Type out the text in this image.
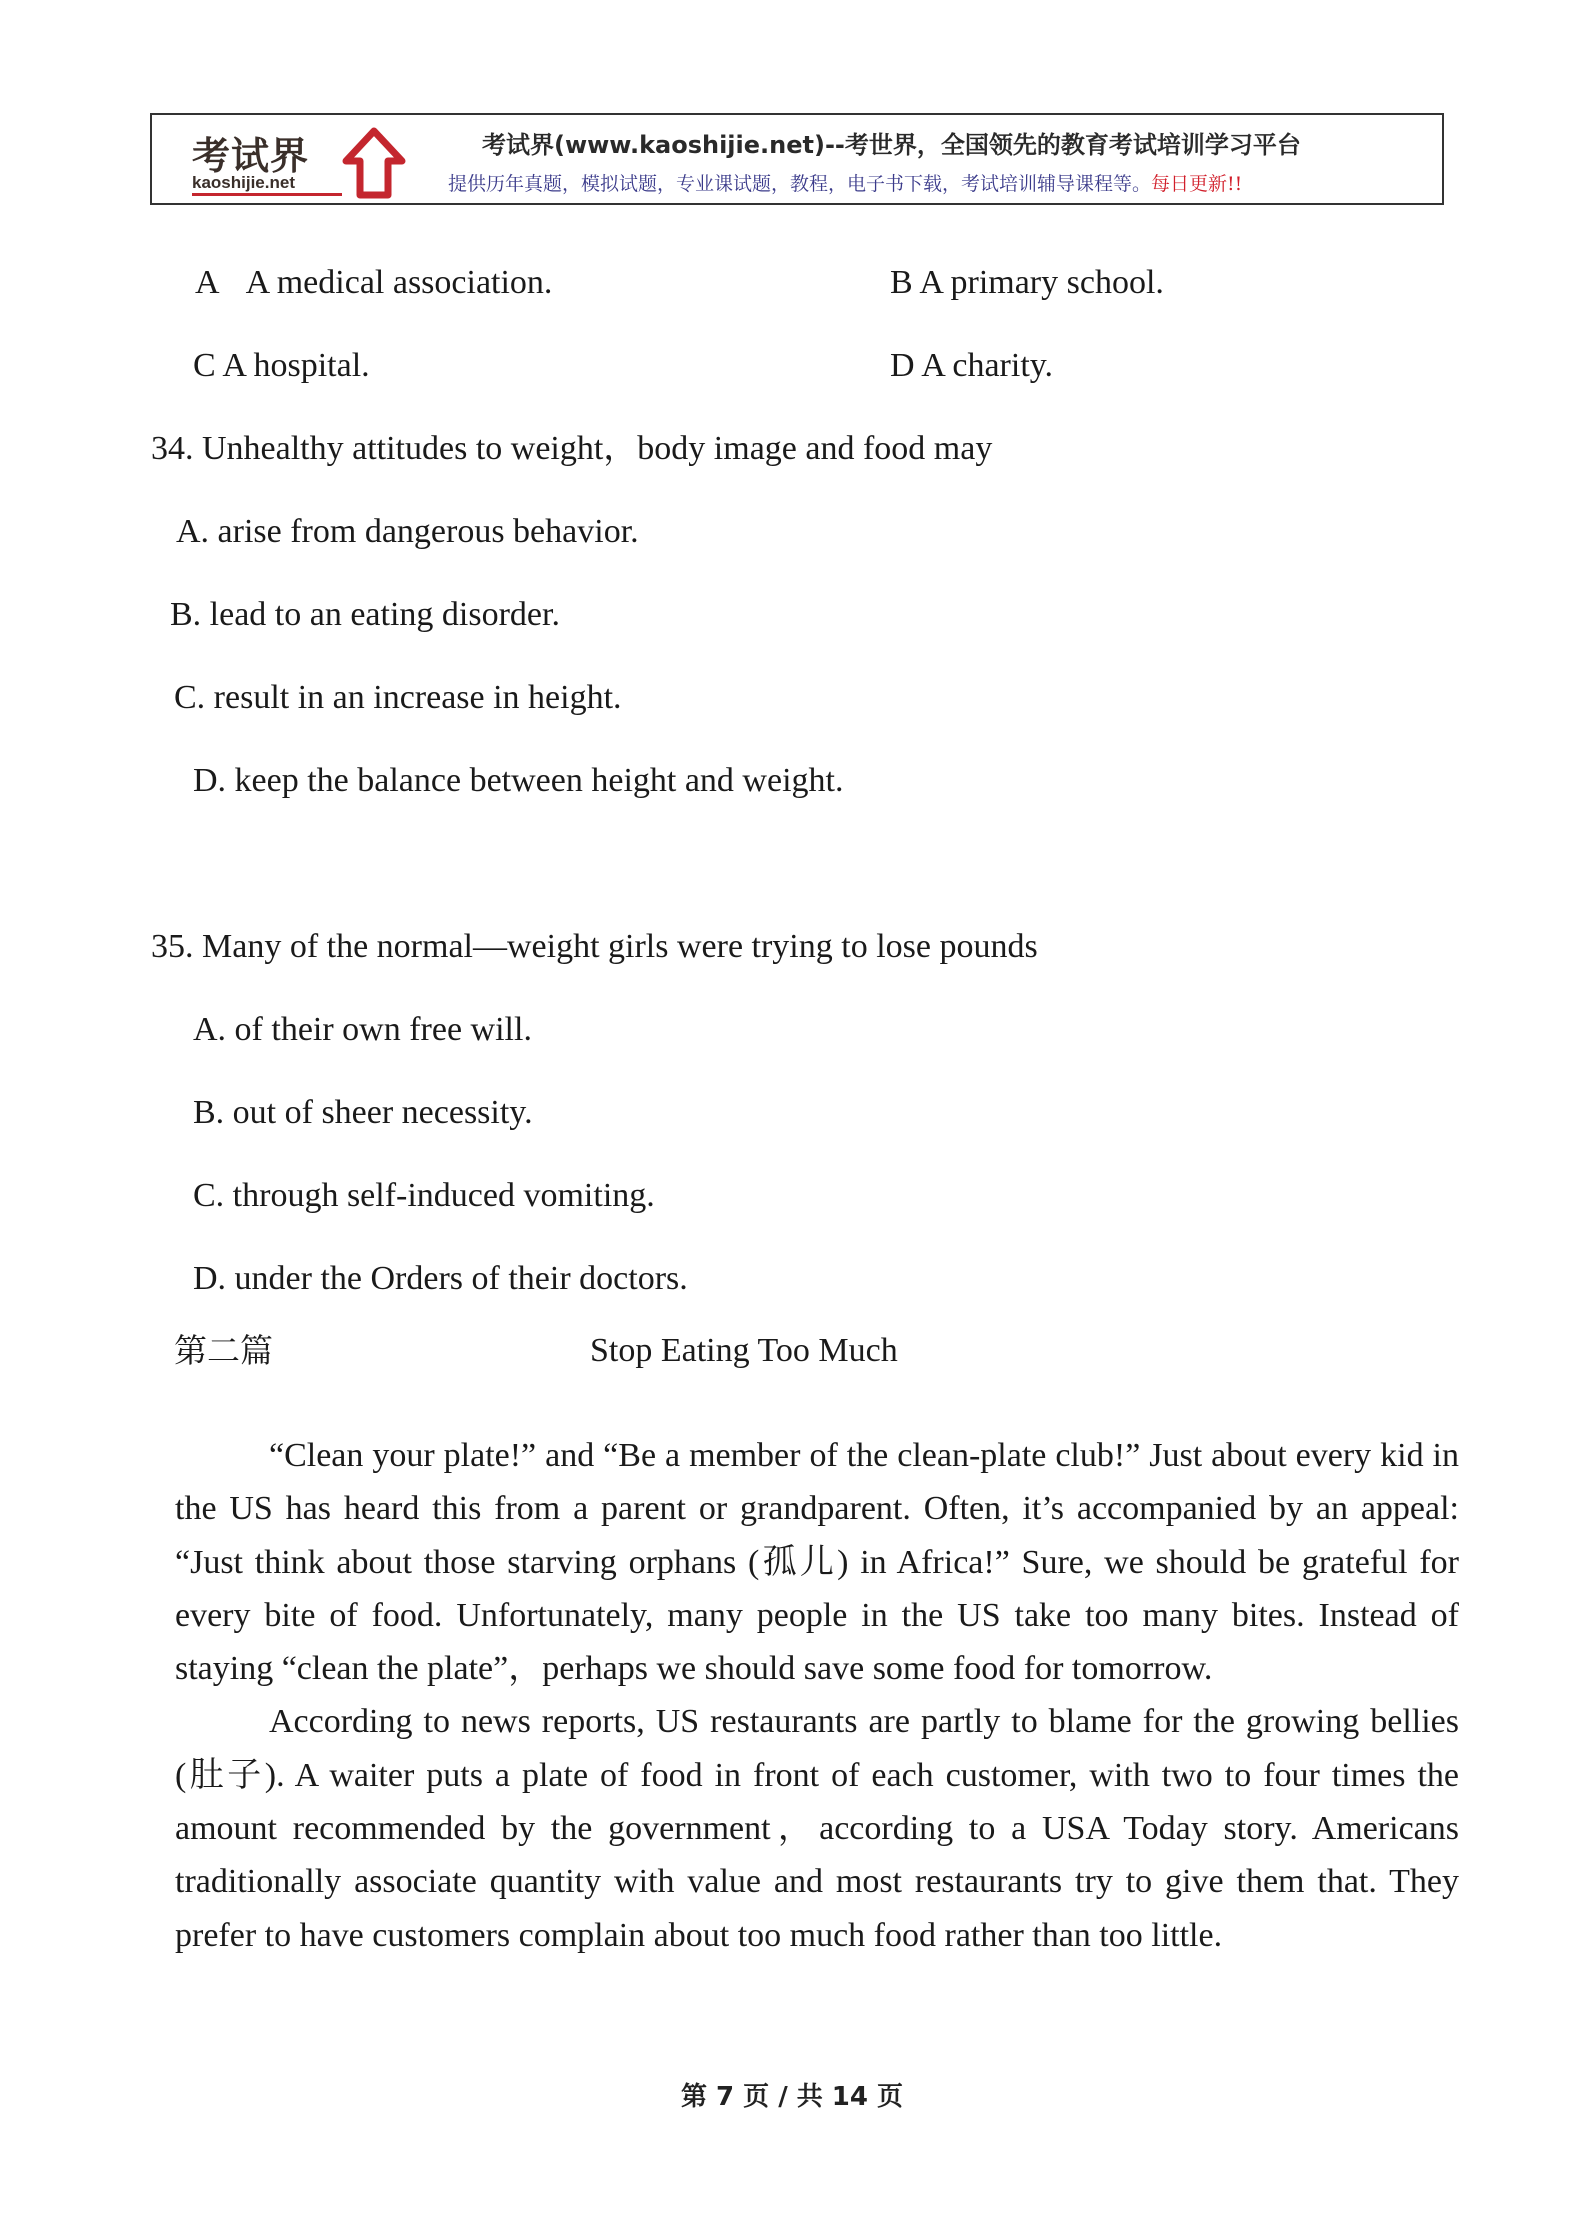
考试界
kaoshijie.net
考试界(www.kaoshijie.net)--考世界，全国领先的教育考试培训学习平台
提供历年真题，模拟试题，专业课试题，教程，电子书下载，考试培训辅导课程等。每日更新!!
A A medical association.	B A primary school.
C A hospital.	D A charity.
34. Unhealthy attitudes to weight，body image and food may
A. arise from dangerous behavior.
B. lead to an eating disorder.
C. result in an increase in height.
D. keep the balance between height and weight.
35. Many of the normal—weight girls were trying to lose pounds
A. of their own free will.
B. out of sheer necessity.
C. through self-induced vomiting.
D. under the Orders of their doctors.
第二篇	Stop Eating Too Much

“Clean your plate!” and “Be a member of the clean-plate club!” Just about every kid in the US has heard this from a parent or grandparent. Often, it’s accompanied by an appeal: “Just think about those starving orphans (孤儿) in Africa!” Sure, we should be grateful for every bite of food. Unfortunately, many people in the US take too many bites. Instead of staying “clean the plate”，perhaps we should save some food for tomorrow.

According to news reports, US restaurants are partly to blame for the growing bellies (肚子). A waiter puts a plate of food in front of each customer, with two to four times the amount recommended by the government，according to a USA Today story. Americans traditionally associate quantity with value and most restaurants try to give them that. They prefer to have customers complain about too much food rather than too little.

第 7 页 / 共 14 页
